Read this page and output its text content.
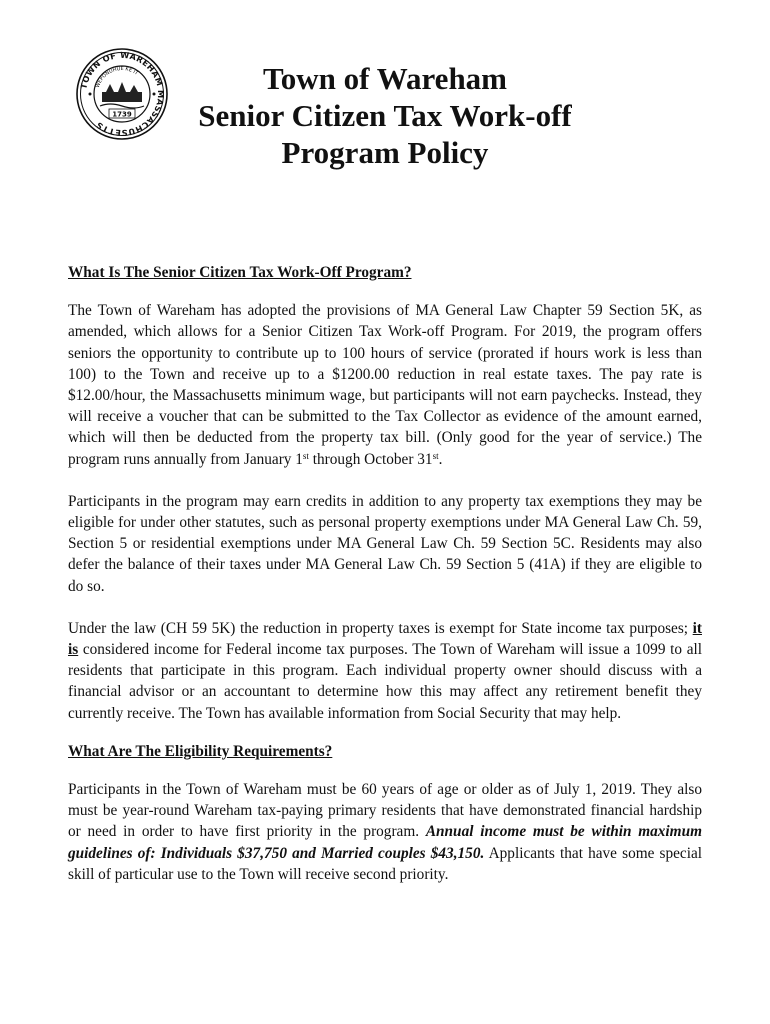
TOWN OF WAREHAM MASSACHUSETTS
WEPONUHUE KE IT
1739
Town of Wareham
Senior Citizen Tax Work-off
Program Policy

What Is The Senior Citizen Tax Work-Off Program?

The Town of Wareham has adopted the provisions of MA General Law Chapter 59 Section 5K, as amended, which allows for a Senior Citizen Tax Work-off Program. For 2019, the program offers seniors the opportunity to contribute up to 100 hours of service (prorated if hours work is less than 100) to the Town and receive up to a $1200.00 reduction in real estate taxes. The pay rate is $12.00/hour, the Massachusetts minimum wage, but participants will not earn paychecks. Instead, they will receive a voucher that can be submitted to the Tax Collector as evidence of the amount earned, which will then be deducted from the property tax bill. (Only good for the year of service.) The program runs annually from January 1st through October 31st.

Participants in the program may earn credits in addition to any property tax exemptions they may be eligible for under other statutes, such as personal property exemptions under MA General Law Ch. 59, Section 5 or residential exemptions under MA General Law Ch. 59 Section 5C. Residents may also defer the balance of their taxes under MA General Law Ch. 59 Section 5 (41A) if they are eligible to do so.

Under the law (CH 59 5K) the reduction in property taxes is exempt for State income tax purposes; it is considered income for Federal income tax purposes. The Town of Wareham will issue a 1099 to all residents that participate in this program. Each individual property owner should discuss with a financial advisor or an accountant to determine how this may affect any retirement benefit they currently receive. The Town has available information from Social Security that may help.

What Are The Eligibility Requirements?

Participants in the Town of Wareham must be 60 years of age or older as of July 1, 2019. They also must be year-round Wareham tax-paying primary residents that have demonstrated financial hardship or need in order to have first priority in the program. Annual income must be within maximum guidelines of: Individuals $37,750 and Married couples $43,150. Applicants that have some special skill of particular use to the Town will receive second priority.
